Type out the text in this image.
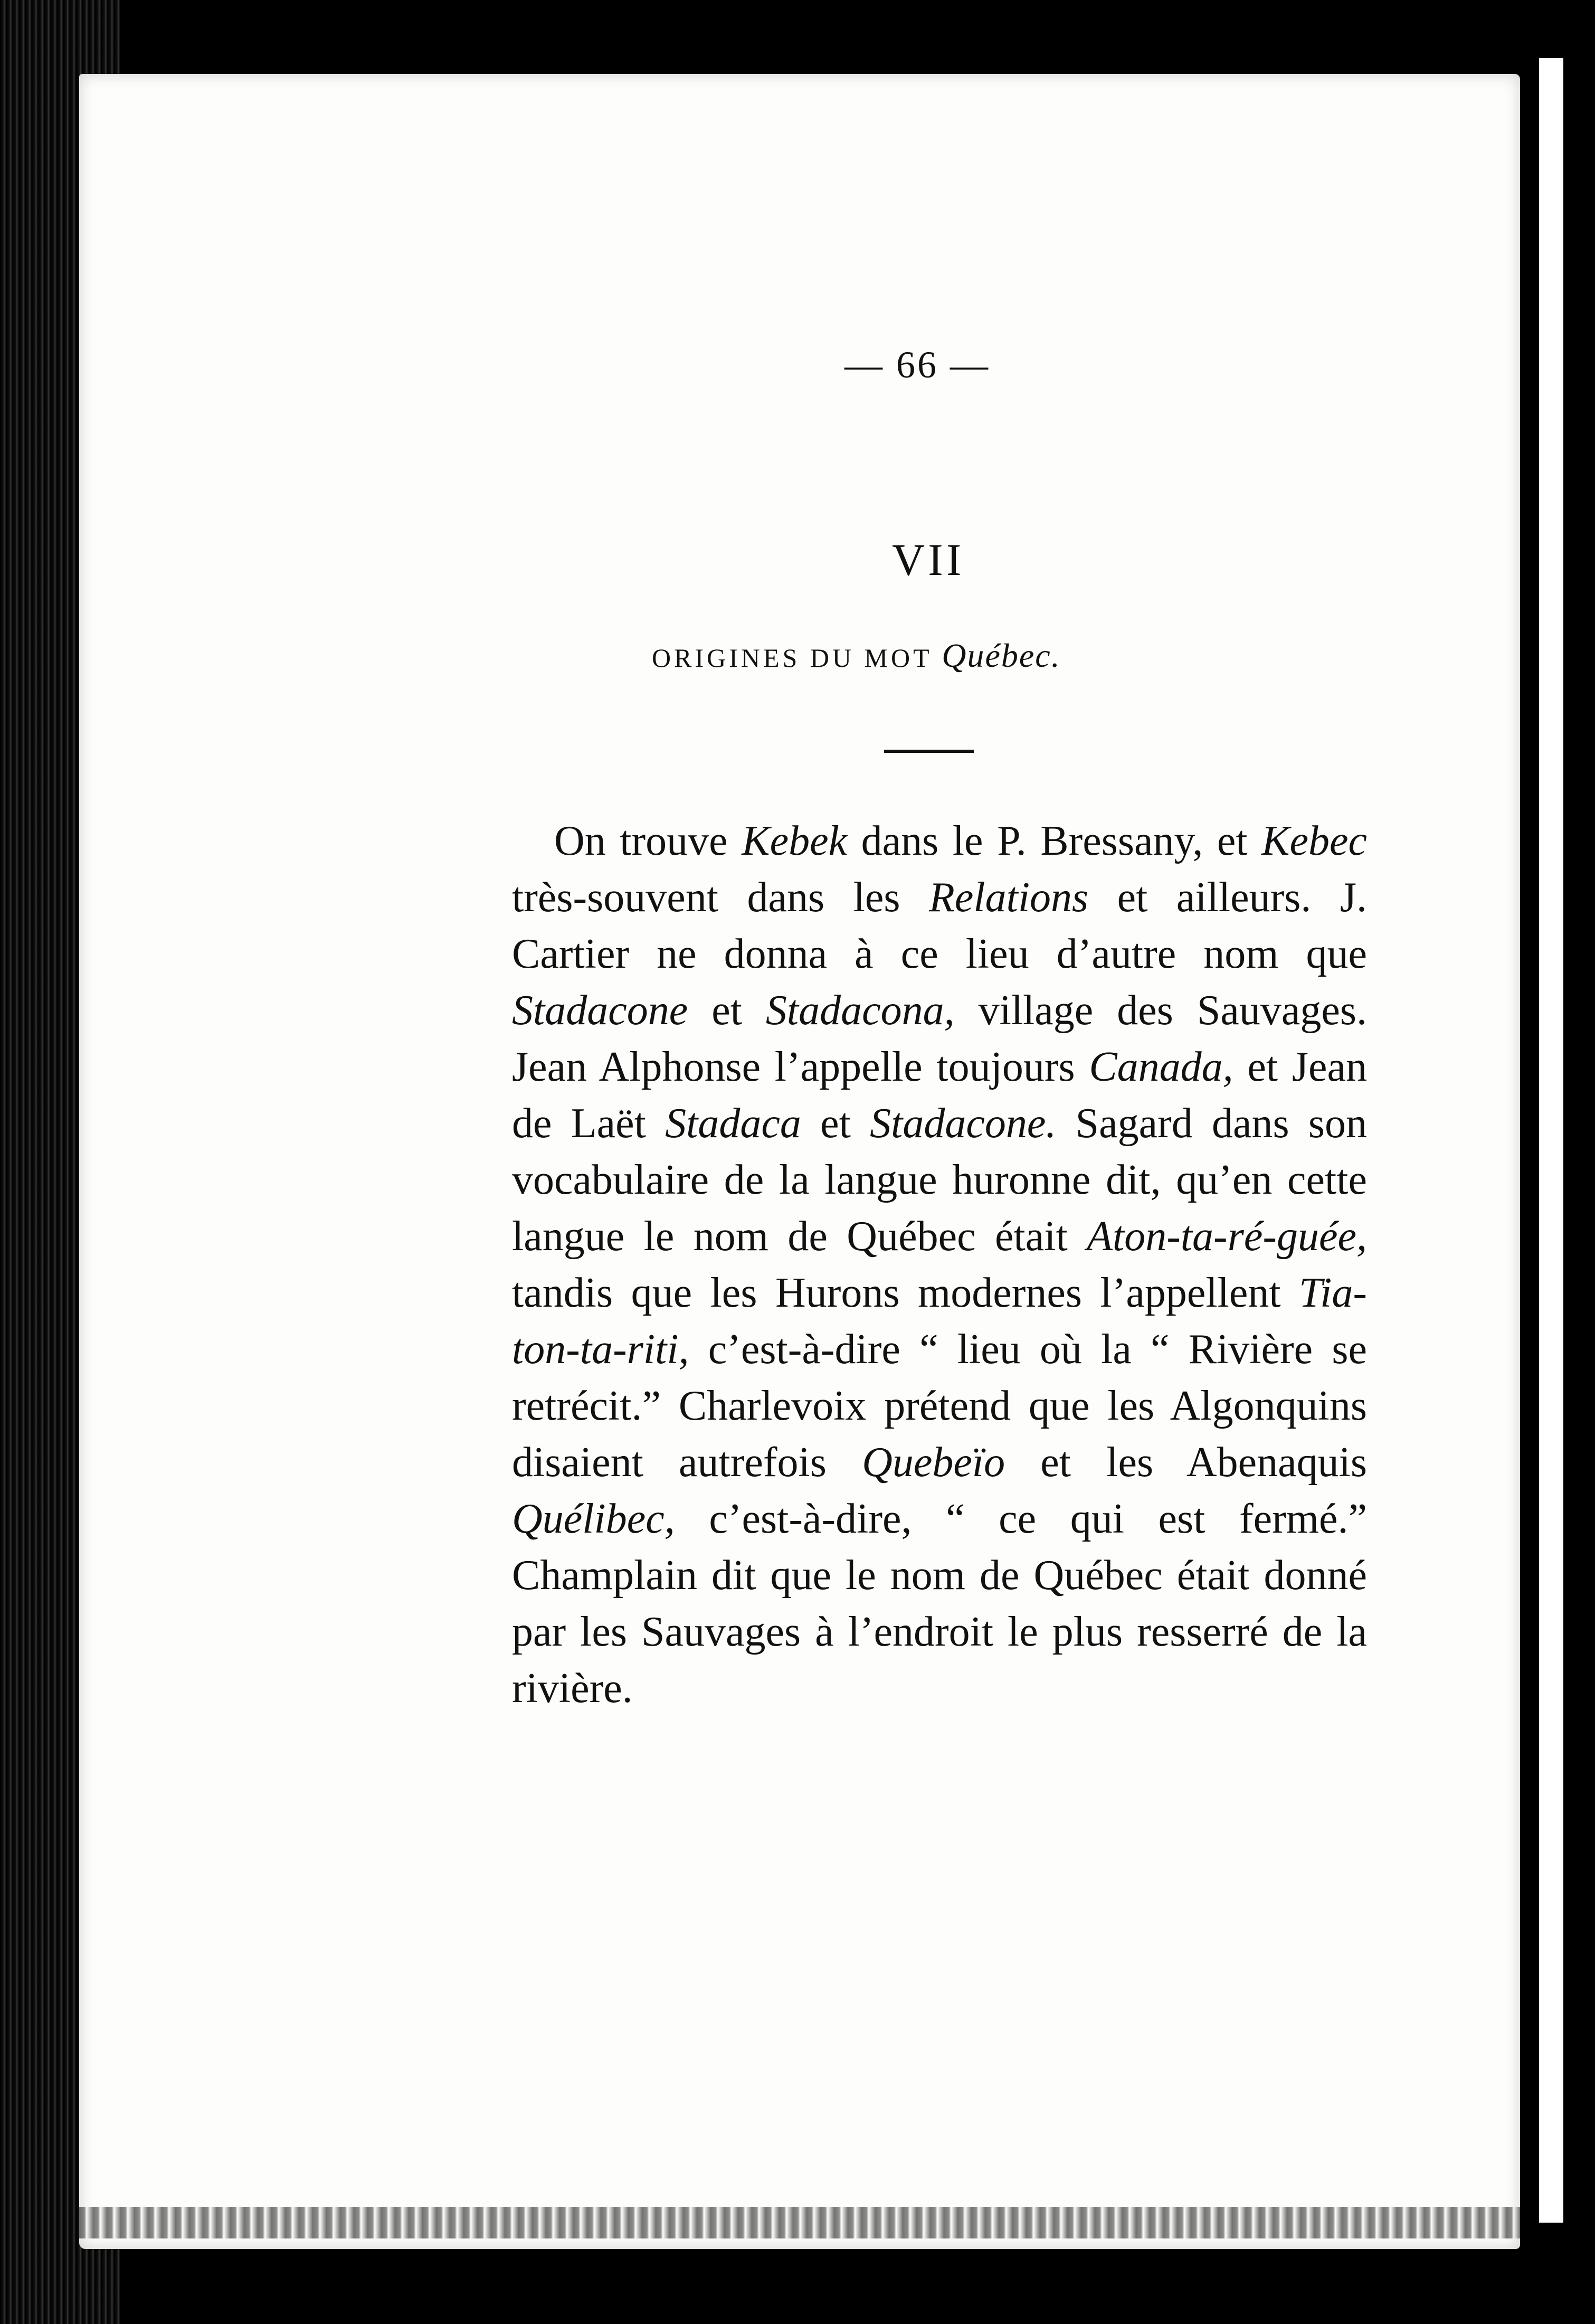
— 66 —
VII
ORIGINES DU MOT Québec.

On trouve Kebek dans le P. Bressany, et Kebec très-souvent dans les Relations et ailleurs. J. Cartier ne donna à ce lieu d’autre nom que Stadacone et Stadacona, village des Sauvages. Jean Alphonse l’appelle toujours Canada, et Jean de Laët Stadaca et Stadacone. Sagard dans son vocabulaire de la langue huronne dit, qu’en cette langue le nom de Québec était Aton-ta-ré-guée, tandis que les Hurons modernes l’appellent Tia-ton-ta-riti, c’est-à-dire “ lieu où la “ Rivière se retrécit.” Charlevoix prétend que les Algonquins disaient autrefois Quebeïo et les Abenaquis Quélibec, c’est-à-dire, “ ce qui est fermé.” Champlain dit que le nom de Québec était donné par les Sauvages à l’endroit le plus resserré de la rivière.
